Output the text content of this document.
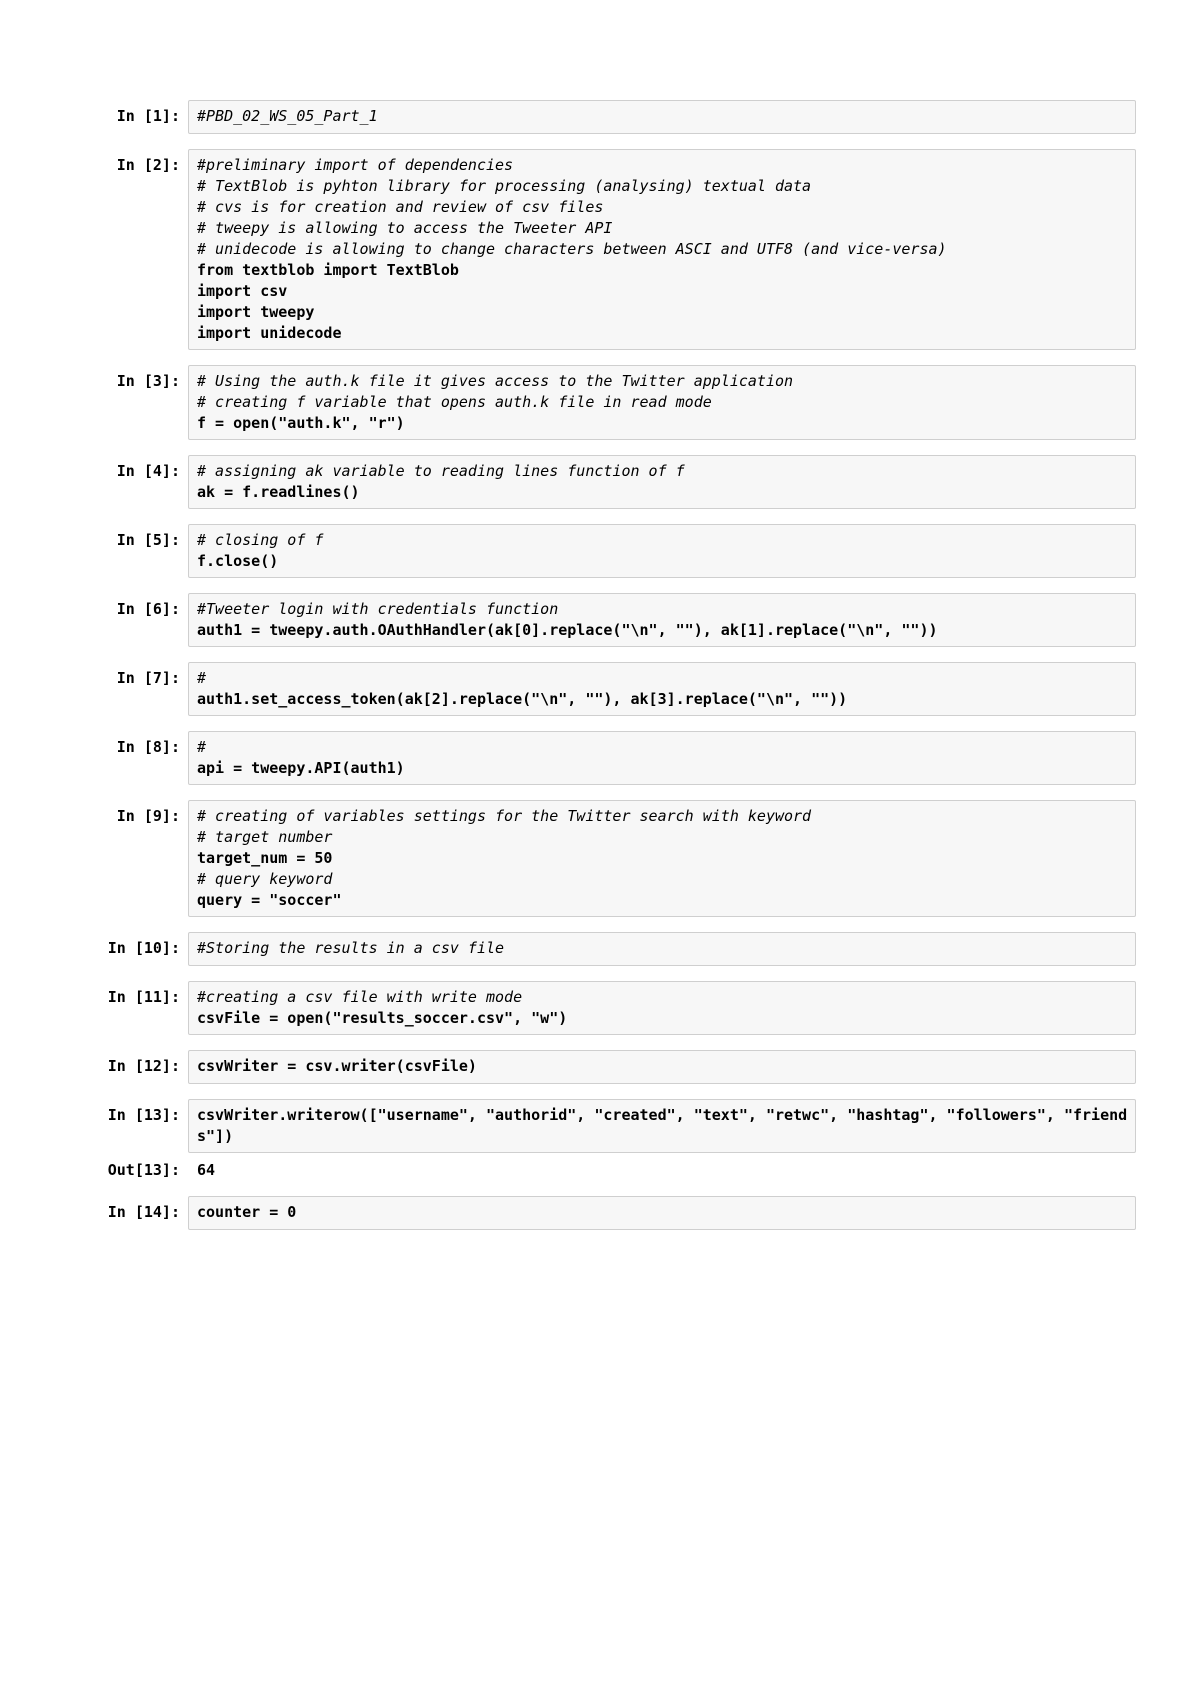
In [1]:	#PBD_02_WS_05_Part_1
In [2]:	#preliminary import of dependencies
# TextBlob is pyhton library for processing (analysing) textual data
# cvs is for creation and review of csv files
# tweepy is allowing to access the Tweeter API
# unidecode is allowing to change characters between ASCI and UTF8 (and vice-versa)
from textblob import TextBlob
import csv
import tweepy
import unidecode
In [3]:	# Using the auth.k file it gives access to the Twitter application
# creating f variable that opens auth.k file in read mode
f = open("auth.k", "r")
In [4]:	# assigning ak variable to reading lines function of f
ak = f.readlines()
In [5]:	# closing of f
f.close()
In [6]:	#Tweeter login with credentials function
auth1 = tweepy.auth.OAuthHandler(ak[0].replace("\n", ""), ak[1].replace("\n", ""))
In [7]:	#
auth1.set_access_token(ak[2].replace("\n", ""), ak[3].replace("\n", ""))
In [8]:	#
api = tweepy.API(auth1)
In [9]:	# creating of variables settings for the Twitter search with keyword
# target number
target_num = 50
# query keyword
query = "soccer"
In [10]:	#Storing the results in a csv file
In [11]:	#creating a csv file with write mode
csvFile = open("results_soccer.csv", "w")
In [12]:	csvWriter = csv.writer(csvFile)
In [13]:	csvWriter.writerow(["username", "authorid", "created", "text", "retwc", "hashtag", "followers", "friends"])
Out[13]:	64
In [14]:	counter = 0
